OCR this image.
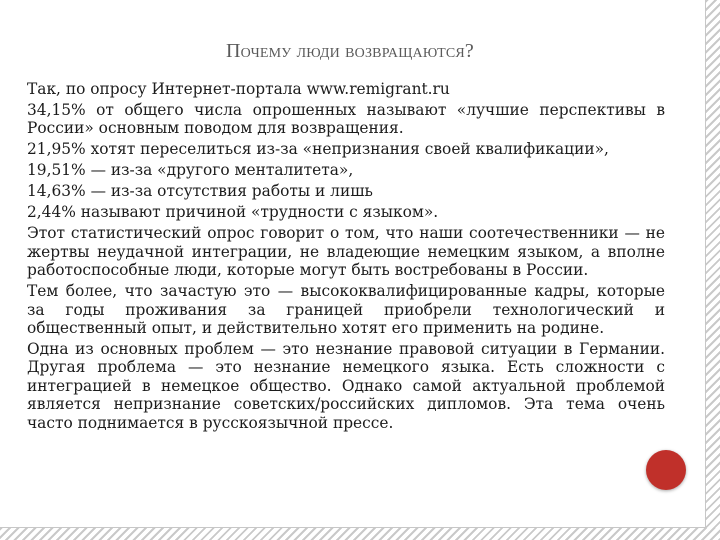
Почему люди возвращаются?

Так, по опросу Интернет-портала www.remigrant.ru

34,15% от общего числа опрошенных называют «лучшие перспективы в России» основным поводом для возвращения.

21,95% хотят переселиться из-за «непризнания своей квалификации»,

19,51% — из-за «другого менталитета»,

14,63% — из-за отсутствия работы и лишь

2,44% называют причиной «трудности с языком».

Этот статистический опрос говорит о том, что наши соотечественники — не жертвы неудачной интеграции, не владеющие немецким языком, а вполне работоспособные люди, которые могут быть востребованы в России.

Тем более, что зачастую это — высококвалифицированные кадры, которые за годы проживания за границей приобрели технологический и общественный опыт, и действительно хотят его применить на родине.

Одна из основных проблем — это незнание правовой ситуации в Германии. Другая проблема — это незнание немецкого языка. Есть сложности с интеграцией в немецкое общество. Однако самой актуальной проблемой является непризнание советских/российских дипломов. Эта тема очень часто поднимается в русскоязычной прессе.
